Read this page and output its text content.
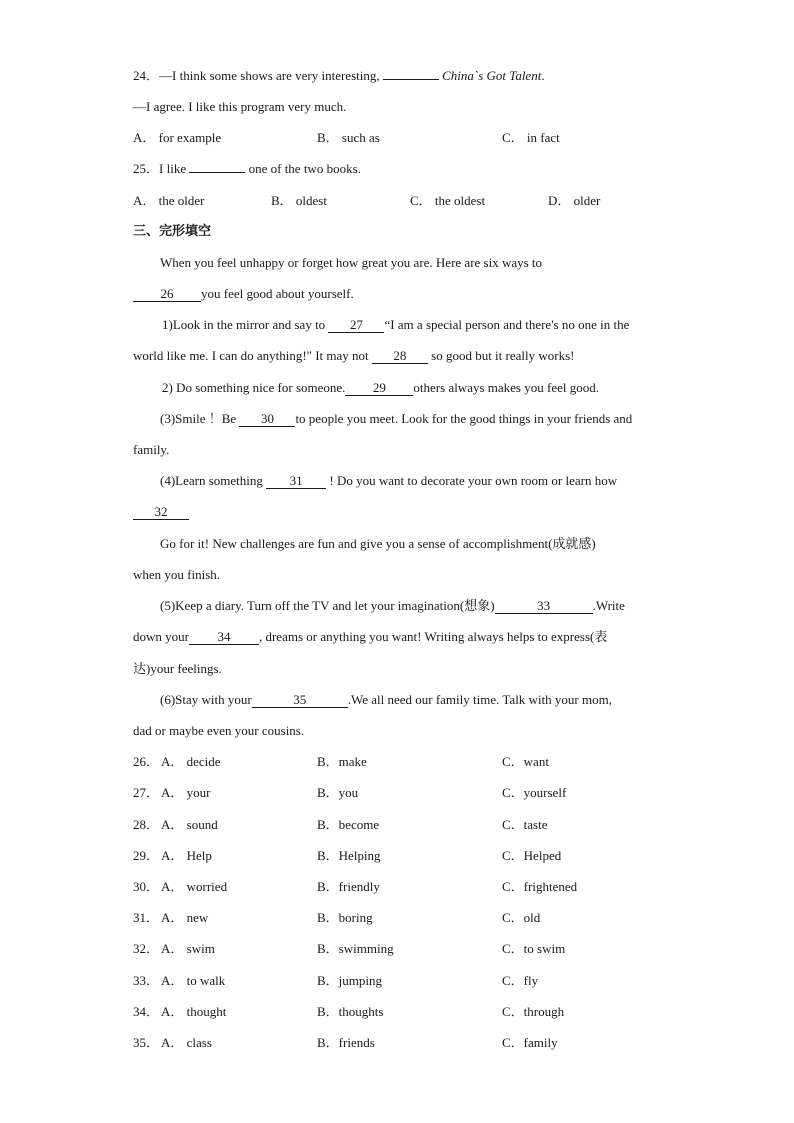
24．—I think some shows are very interesting,	China`s Got Talent.
—I agree. I like this program very much.
A． for example	B． such as	C． in fact
25．I like	one of the two books.
A． the older	B． oldest	C． the oldest	D． older
三、完形填空
When you feel unhappy or forget how great you are. Here are six ways to
26 you feel good about yourself.
1)Look in the mirror and say to 27 “I am a special person and there's no one in the
world like me. I can do anything!" It may not 28 so good but it really works!
2) Do something nice for someone. 29 others always makes you feel good.
(3)Smile ！Be 30 to people you meet. Look for the good things in your friends and
family.
(4)Learn something 31 ! Do you want to decorate your own room or learn how
32
Go for it! New challenges are fun and give you a sense of accomplishment(成就感)
when you finish.
(5)Keep a diary. Turn off the TV and let your imagination(想象)	33	.Write
down your 34 , dreams or anything you want! Writing always helps to express(表
达)your feelings.
(6)Stay with your	35	.We all need our family time. Talk with your mom,
dad or maybe even your cousins.
26． A． decide	B．make	C．want
27． A． your	B．you	C．yourself
28． A． sound	B．become	C．taste
29． A． Help	B．Helping	C．Helped
30． A． worried	B．friendly	C．frightened
31． A． new	B．boring	C．old
32． A． swim	B．swimming	C．to swim
33． A． to walk	B．jumping	C．fly
34． A． thought	B．thoughts	C．through
35． A． class	B．friends	C．family
